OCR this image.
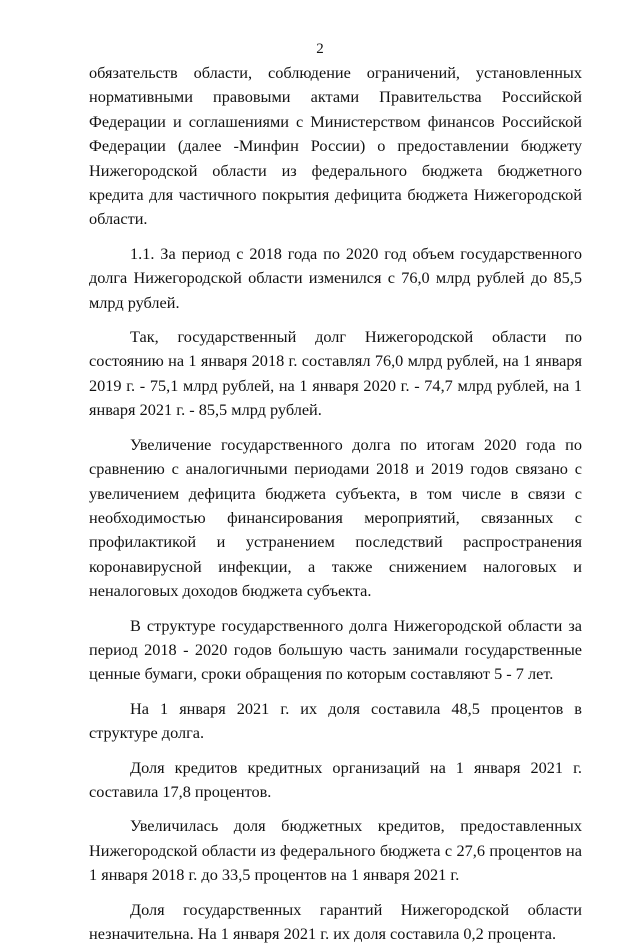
2

обязательств области, соблюдение ограничений, установленных нормативными правовыми актами Правительства Российской Федерации и соглашениями с Министерством финансов Российской Федерации (далее -Минфин России) о предоставлении бюджету Нижегородской области из федерального бюджета бюджетного кредита для частичного покрытия дефицита бюджета Нижегородской области.

1.1. За период с 2018 года по 2020 год объем государственного долга Нижегородской области изменился с 76,0 млрд рублей до 85,5 млрд рублей.

Так, государственный долг Нижегородской области по состоянию на 1 января 2018 г. составлял 76,0 млрд рублей, на 1 января 2019 г. - 75,1 млрд рублей, на 1 января 2020 г. - 74,7 млрд рублей, на 1 января 2021 г. - 85,5 млрд рублей.

Увеличение государственного долга по итогам 2020 года по сравнению с аналогичными периодами 2018 и 2019 годов связано с увеличением дефицита бюджета субъекта, в том числе в связи с необходимостью финансирования мероприятий, связанных с профилактикой и устранением последствий распространения коронавирусной инфекции, а также снижением налоговых и неналоговых доходов бюджета субъекта.

В структуре государственного долга Нижегородской области за период 2018 - 2020 годов большую часть занимали государственные ценные бумаги, сроки обращения по которым составляют 5 - 7 лет.

На 1 января 2021 г. их доля составила 48,5 процентов в структуре долга.

Доля кредитов кредитных организаций на 1 января 2021 г. составила 17,8 процентов.

Увеличилась доля бюджетных кредитов, предоставленных Нижегородской области из федерального бюджета с 27,6 процентов на 1 января 2018 г. до 33,5 процентов на 1 января 2021 г.

Доля государственных гарантий Нижегородской области незначительна. На 1 января 2021 г. их доля составила 0,2 процента.
